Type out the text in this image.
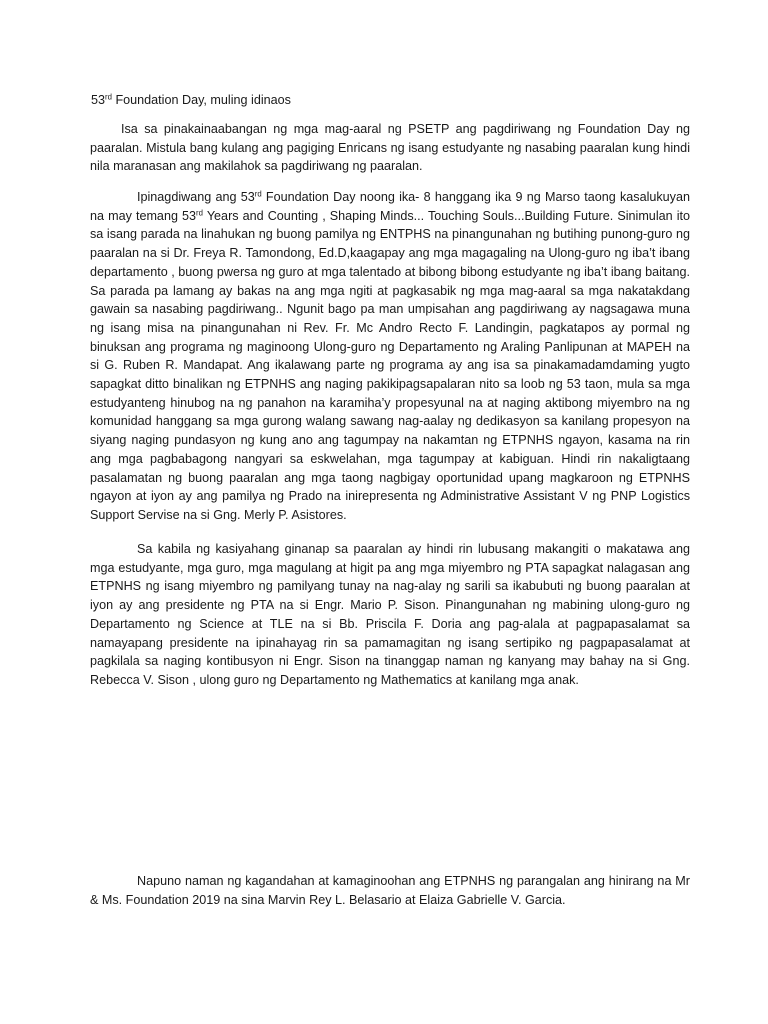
53rd Foundation Day, muling idinaos

Isa sa pinakainaabangan ng mga mag-aaral ng PSETP ang pagdiriwang ng Foundation Day ng paaralan. Mistula bang kulang ang pagiging Enricans ng isang estudyante ng nasabing paaralan kung hindi nila maranasan ang makilahok sa pagdiriwang ng paaralan.

Ipinagdiwang ang 53rd Foundation Day noong ika- 8 hanggang ika 9 ng Marso taong kasalukuyan na may temang 53rd Years and Counting , Shaping Minds... Touching Souls...Building Future. Sinimulan ito sa isang parada na linahukan ng buong pamilya ng ENTPHS na pinangunahan ng butihing punong-guro ng paaralan na si Dr. Freya R. Tamondong, Ed.D,kaagapay ang mga magagaling na Ulong-guro ng iba’t ibang departamento , buong pwersa ng guro at mga talentado at bibong bibong estudyante ng iba’t ibang baitang. Sa parada pa lamang ay bakas na ang mga ngiti at pagkasabik ng mga mag-aaral sa mga nakatakdang gawain sa nasabing pagdiriwang.. Ngunit bago pa man umpisahan ang pagdiriwang ay nagsagawa muna ng isang misa na pinangunahan ni Rev. Fr. Mc Andro Recto F. Landingin, pagkatapos ay pormal ng binuksan ang programa ng maginoong Ulong-guro ng Departamento ng Araling Panlipunan at MAPEH na si G. Ruben R. Mandapat. Ang ikalawang parte ng programa ay ang isa sa pinakamadamdaming yugto sapagkat ditto binalikan ng ETPNHS ang naging pakikipagsapalaran nito sa loob ng 53 taon, mula sa mga estudyanteng hinubog na ng panahon na karamiha’y propesyunal na at naging aktibong miyembro na ng komunidad hanggang sa mga gurong walang sawang nag-aalay ng dedikasyon sa kanilang propesyon na siyang naging pundasyon ng kung ano ang tagumpay na nakamtan ng ETPNHS ngayon, kasama na rin ang mga pagbabagong nangyari sa eskwelahan, mga tagumpay at kabiguan. Hindi rin nakaligtaang pasalamatan ng buong paaralan ang mga taong nagbigay oportunidad upang magkaroon ng ETPNHS ngayon at iyon ay ang pamilya ng Prado na inirepresenta ng Administrative Assistant V ng PNP Logistics Support Servise na si Gng. Merly P. Asistores.

Sa kabila ng kasiyahang ginanap sa paaralan ay hindi rin lubusang makangiti o makatawa ang mga estudyante, mga guro, mga magulang at higit pa ang mga miyembro ng PTA sapagkat nalagasan ang ETPNHS ng isang miyembro ng pamilyang tunay na nag-alay ng sarili sa ikabubuti ng buong paaralan at iyon ay ang presidente ng PTA na si Engr. Mario P. Sison. Pinangunahan ng mabining ulong-guro ng Departamento ng Science at TLE na si Bb. Priscila F. Doria ang pag-alala at pagpapasalamat sa namayapang presidente na ipinahayag rin sa pamamagitan ng isang sertipiko ng pagpapasalamat at pagkilala sa naging kontibusyon ni Engr. Sison na tinanggap naman ng kanyang may bahay na si Gng. Rebecca V. Sison , ulong guro ng Departamento ng Mathematics at kanilang mga anak.

Napuno naman ng kagandahan at kamaginoohan ang ETPNHS ng parangalan ang hinirang na Mr & Ms. Foundation 2019 na sina Marvin Rey L. Belasario at Elaiza Gabrielle V. Garcia.
